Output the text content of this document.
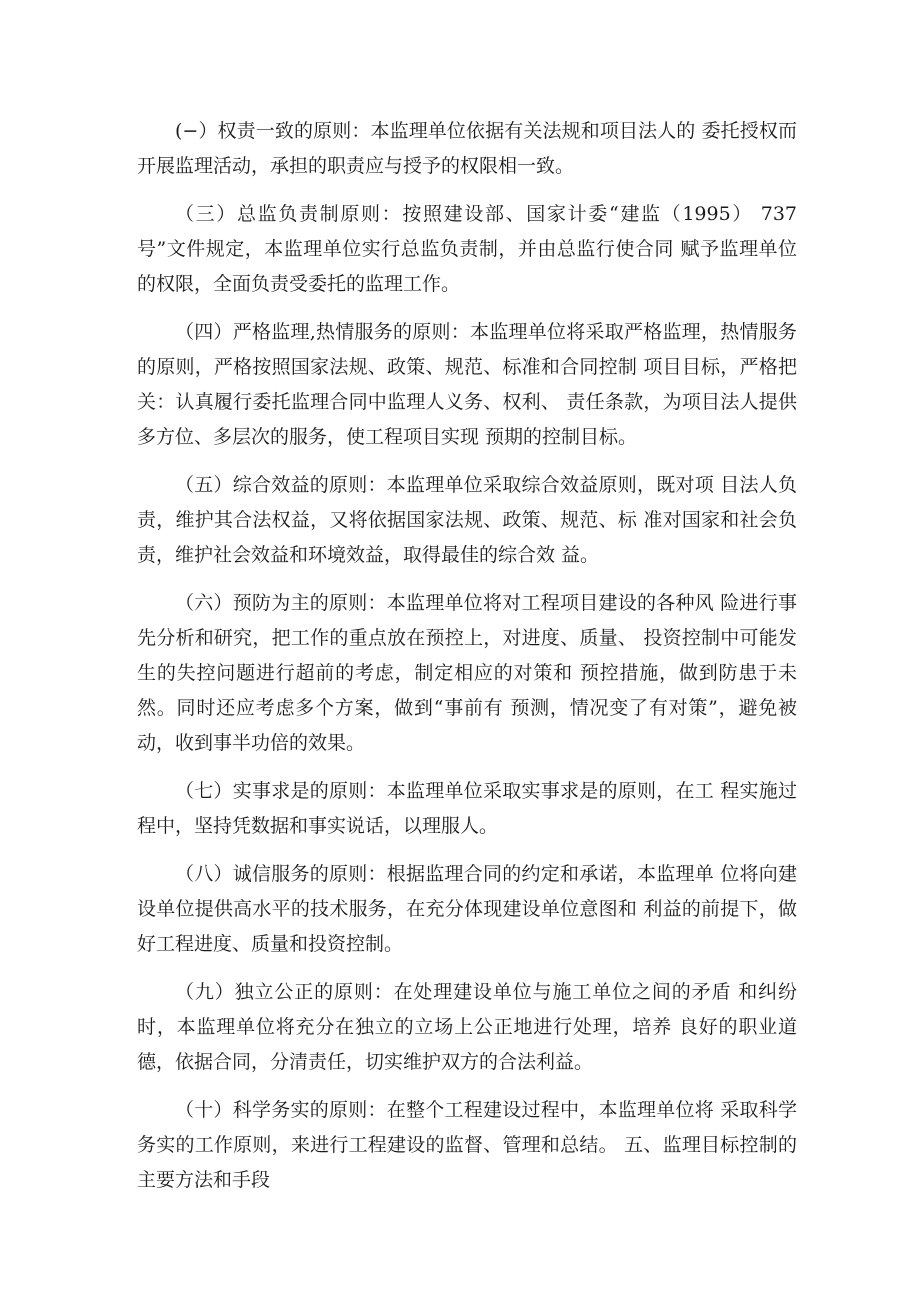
(−）权责一致的原则：本监理单位依据有关法规和项目法人的 委托授权而开展监理活动，承担的职责应与授予的权限相一致。

（三）总监负责制原则：按照建设部、国家计委“建监（1995） 737号”文件规定，本监理单位实行总监负责制，并由总监行使合同 赋予监理单位的权限，全面负责受委托的监理工作。

（四）严格监理,热情服务的原则：本监理单位将采取严格监理，热情服务的原则，严格按照国家法规、政策、规范、标准和合同控制 项目目标，严格把关：认真履行委托监理合同中监理人义务、权利、 责任条款，为项目法人提供多方位、多层次的服务，使工程项目实现 预期的控制目标。

（五）综合效益的原则：本监理单位采取综合效益原则，既对项 目法人负责，维护其合法权益，又将依据国家法规、政策、规范、标 准对国家和社会负责，维护社会效益和环境效益，取得最佳的综合效 益。

（六）预防为主的原则：本监理单位将对工程项目建设的各种风 险进行事先分析和研究，把工作的重点放在预控上，对进度、质量、 投资控制中可能发生的失控问题进行超前的考虑，制定相应的对策和 预控措施，做到防患于未然。同时还应考虑多个方案，做到“事前有 预测，情况变了有对策”，避免被动，收到事半功倍的效果。

（七）实事求是的原则：本监理单位采取实事求是的原则，在工 程实施过程中，坚持凭数据和事实说话，以理服人。

（八）诚信服务的原则：根据监理合同的约定和承诺，本监理单 位将向建设单位提供高水平的技术服务，在充分体现建设单位意图和 利益的前提下，做好工程进度、质量和投资控制。

（九）独立公正的原则：在处理建设单位与施工单位之间的矛盾 和纠纷时，本监理单位将充分在独立的立场上公正地进行处理，培养 良好的职业道德，依据合同，分清责任，切实维护双方的合法利益。

（十）科学务实的原则：在整个工程建设过程中，本监理单位将 采取科学务实的工作原则，来进行工程建设的监督、管理和总结。 五、监理目标控制的主要方法和手段
